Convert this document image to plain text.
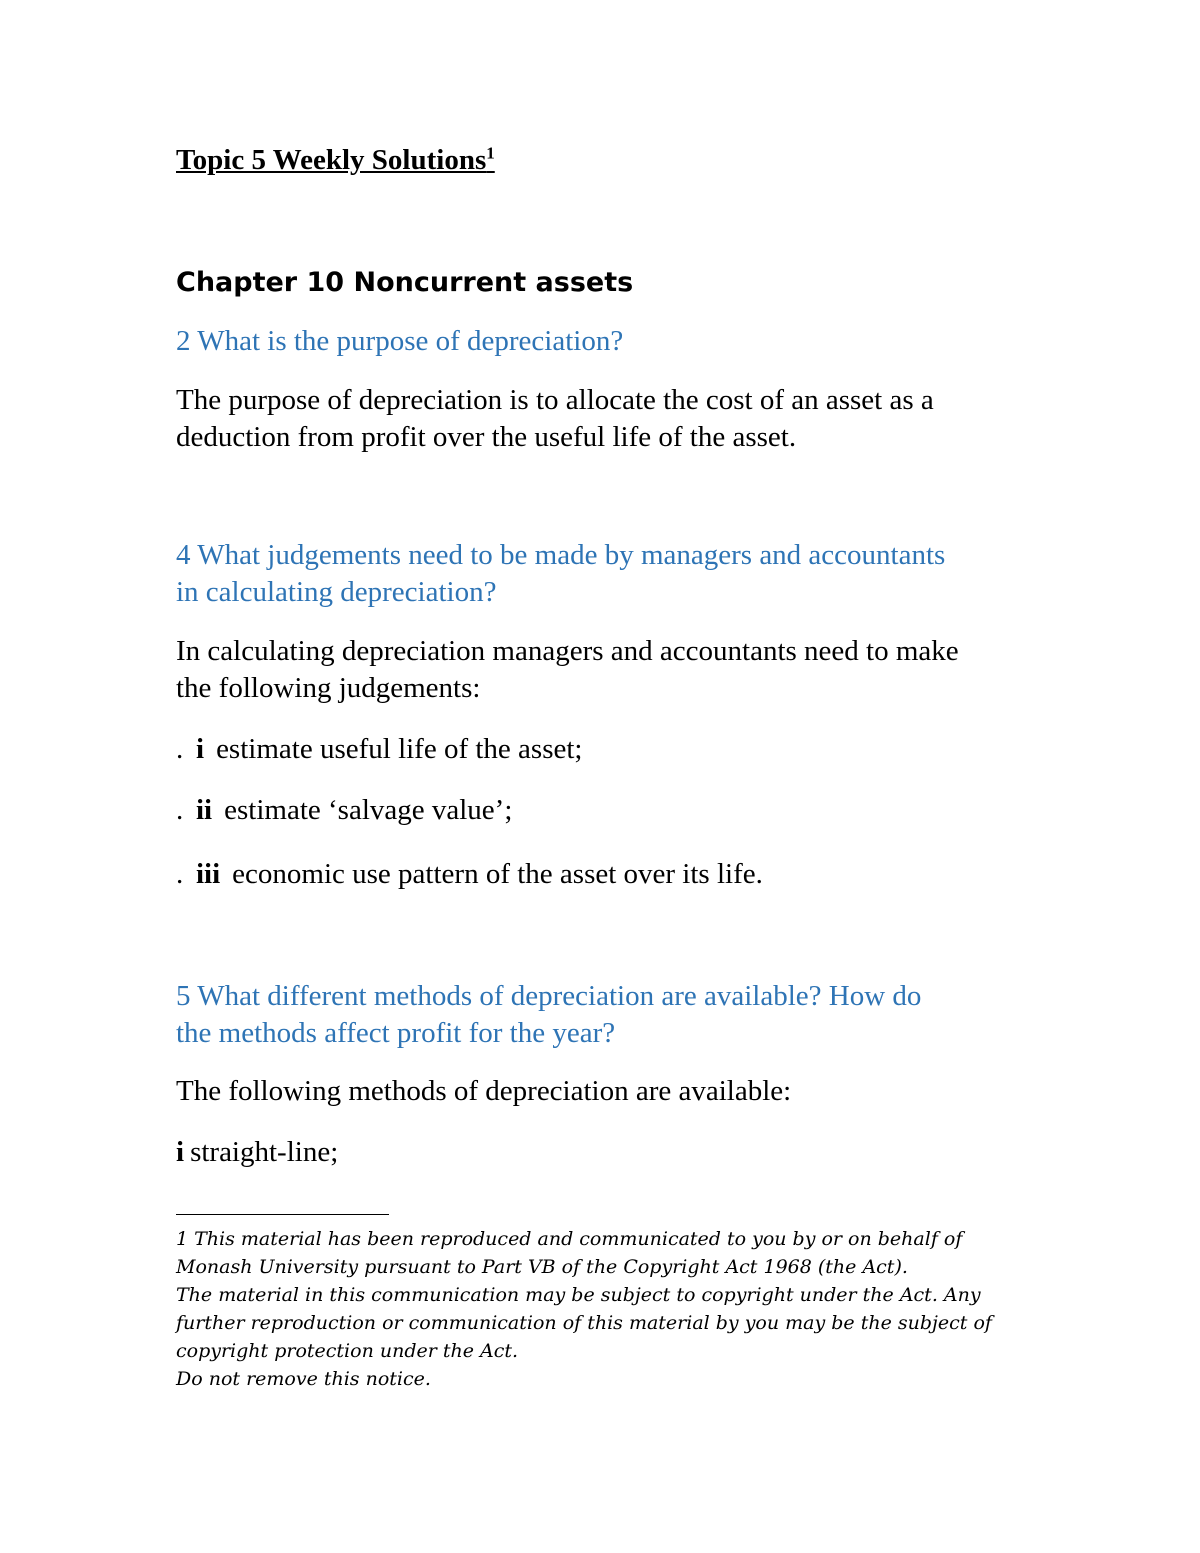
Topic 5 Weekly Solutions$^1$
Chapter 10 Noncurrent assets
2 What is the purpose of depreciation?
The purpose of depreciation is to allocate the cost of an asset as a
deduction from profit over the useful life of the asset.
4 What judgements need to be made by managers and accountants
in calculating depreciation?
In calculating depreciation managers and accountants need to make
the following judgements:
. i estimate useful life of the asset;
. ii estimate ‘salvage value’;
. iii economic use pattern of the asset over its life.
5 What different methods of depreciation are available? How do
the methods affect profit for the year?
The following methods of depreciation are available:
i straight-line;
1 This material has been reproduced and communicated to you by or on behalf of
Monash University pursuant to Part VB of the Copyright Act 1968 (the Act).
The material in this communication may be subject to copyright under the Act. Any
further reproduction or communication of this material by you may be the subject of
copyright protection under the Act.
Do not remove this notice.
